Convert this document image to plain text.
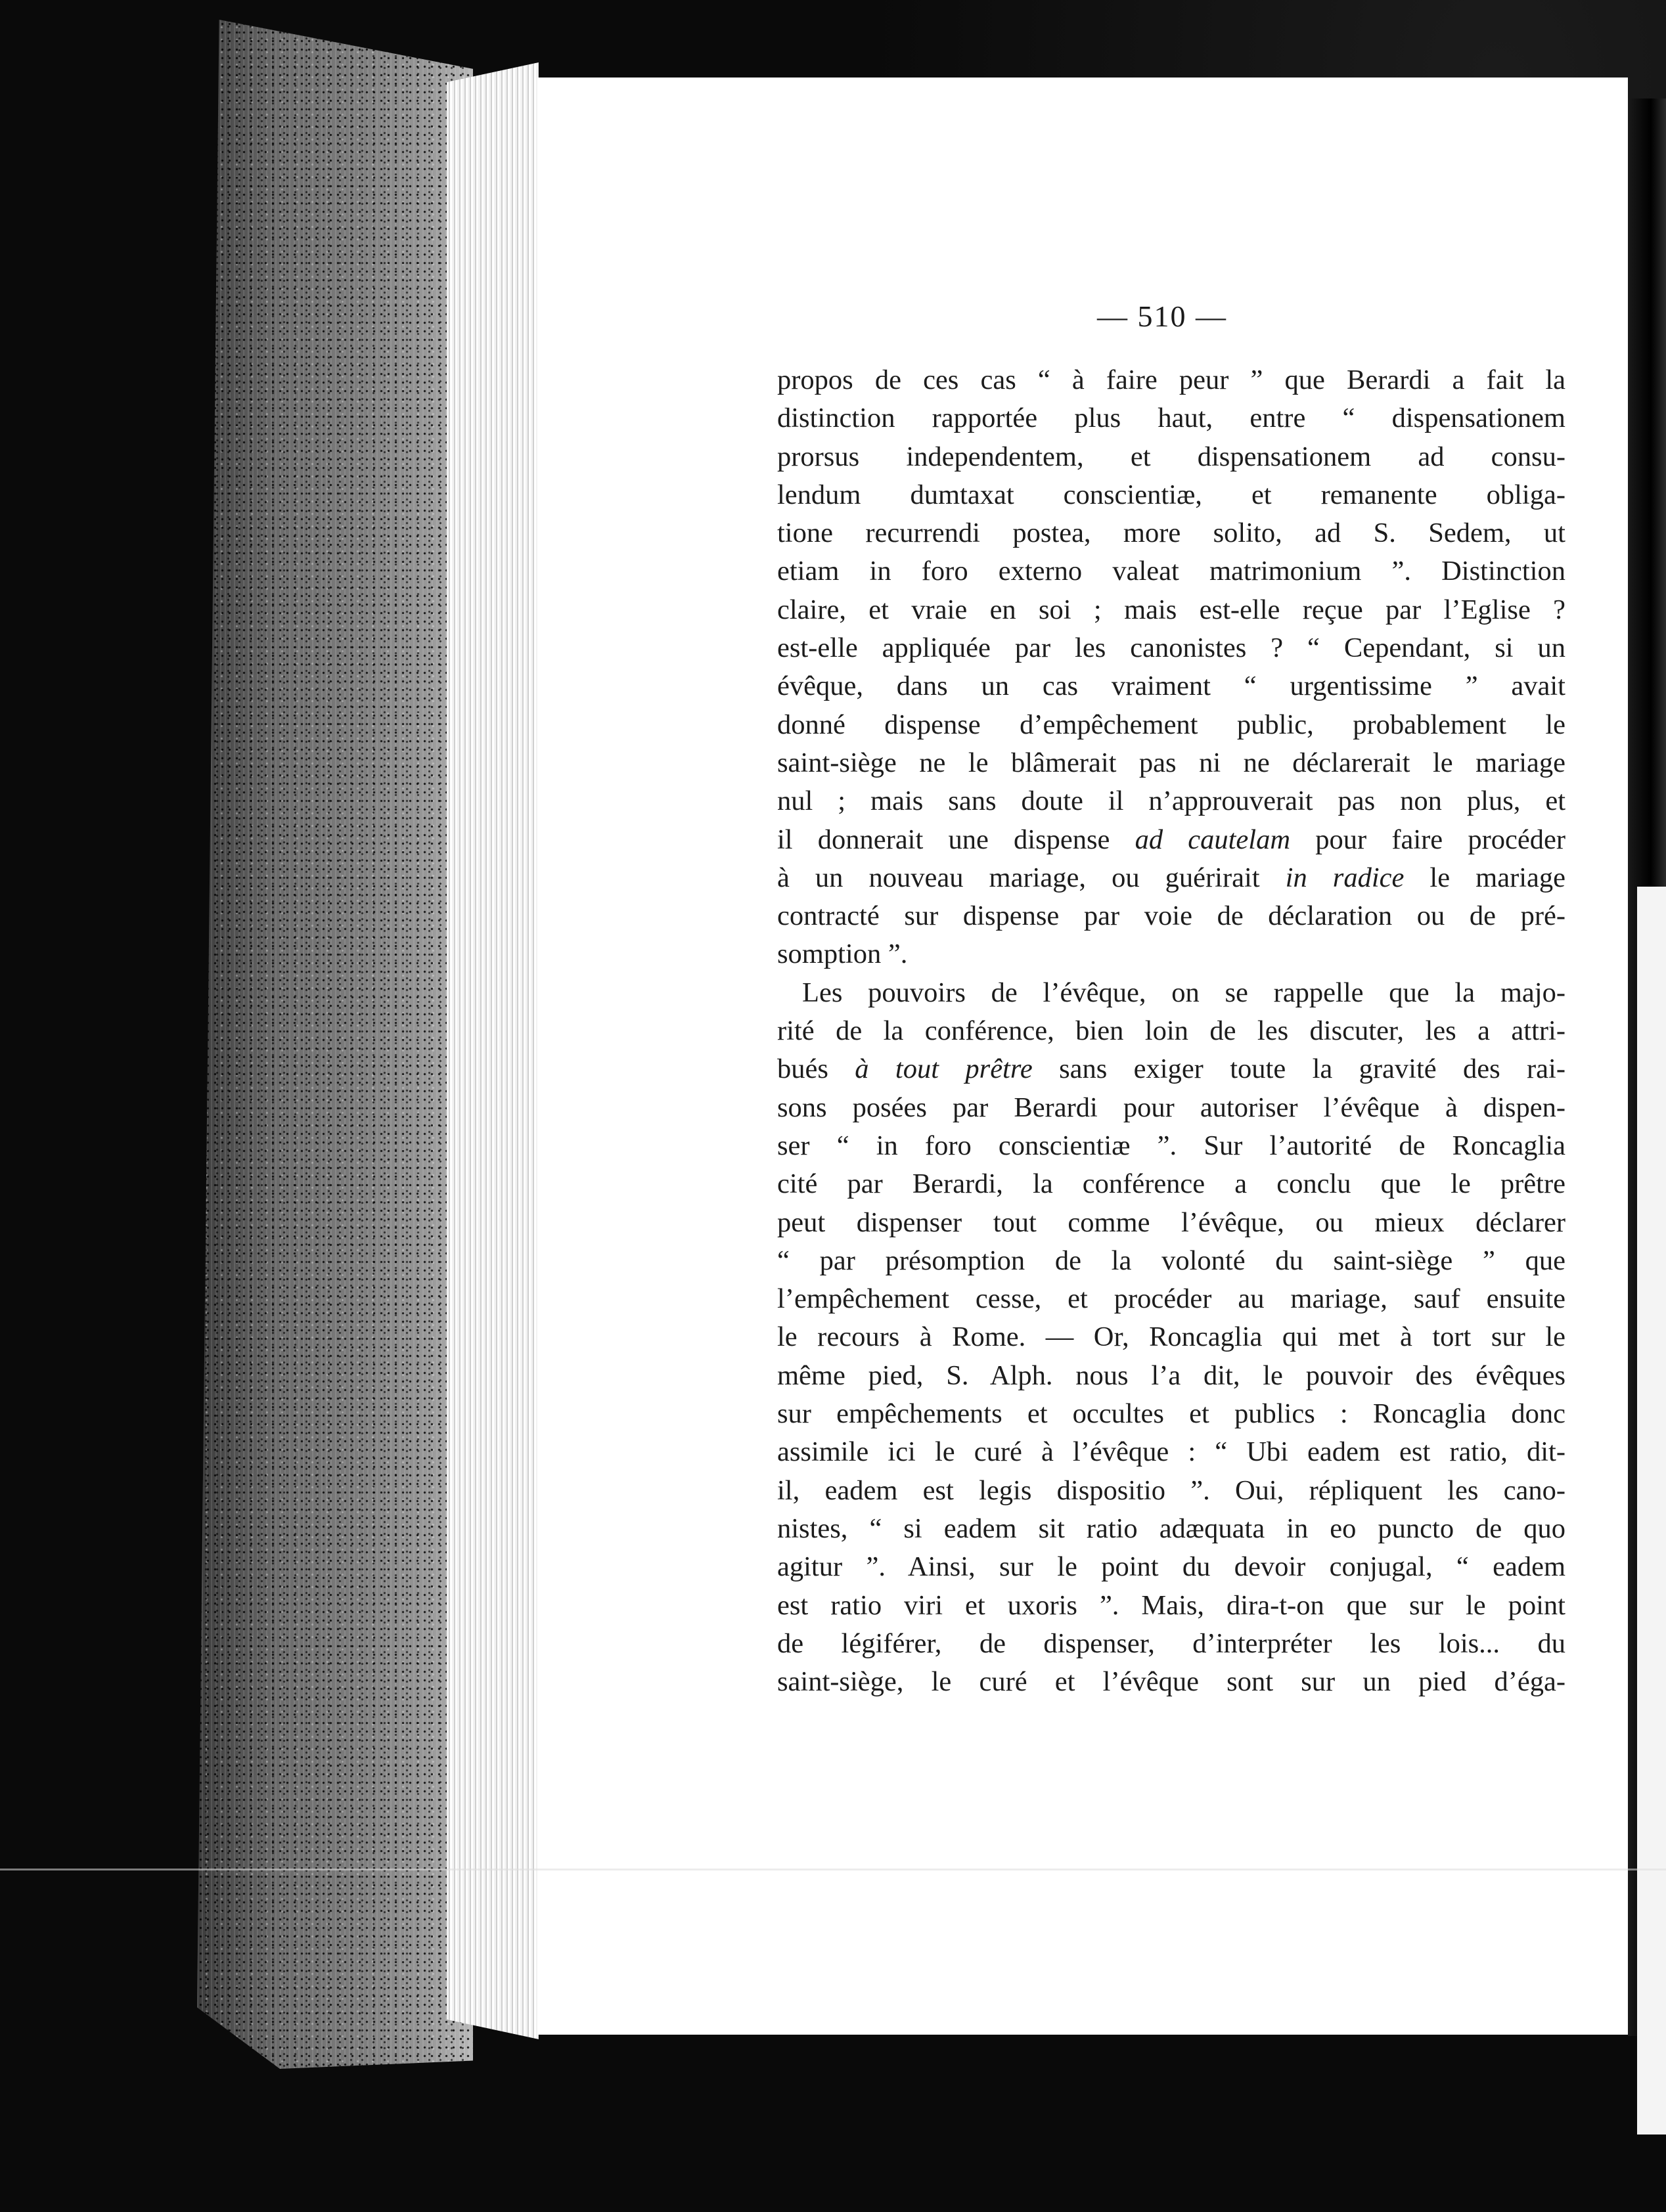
— 510 —
propos de ces cas “ à faire peur ” que Berardi a fait la
distinction rapportée plus haut, entre “ dispensationem
prorsus independentem, et dispensationem ad consu-
lendum dumtaxat conscientiæ, et remanente obliga-
tione recurrendi postea, more solito, ad S. Sedem, ut
etiam in foro externo valeat matrimonium ”. Distinction
claire, et vraie en soi ; mais est-elle reçue par l’Eglise ?
est-elle appliquée par les canonistes ? “ Cependant, si un
évêque, dans un cas vraiment “ urgentissime ” avait
donné dispense d’empêchement public, probablement le
saint-siège ne le blâmerait pas ni ne déclarerait le mariage
nul ; mais sans doute il n’approuverait pas non plus, et
il donnerait une dispense ad cautelam pour faire procéder
à un nouveau mariage, ou guérirait in radice le mariage
contracté sur dispense par voie de déclaration ou de pré-
somption ”.
Les pouvoirs de l’évêque, on se rappelle que la majo-
rité de la conférence, bien loin de les discuter, les a attri-
bués à tout prêtre sans exiger toute la gravité des rai-
sons posées par Berardi pour autoriser l’évêque à dispen-
ser “ in foro conscientiæ ”. Sur l’autorité de Roncaglia
cité par Berardi, la conférence a conclu que le prêtre
peut dispenser tout comme l’évêque, ou mieux déclarer
“ par présomption de la volonté du saint-siège ” que
l’empêchement cesse, et procéder au mariage, sauf ensuite
le recours à Rome. — Or, Roncaglia qui met à tort sur le
même pied, S. Alph. nous l’a dit, le pouvoir des évêques
sur empêchements et occultes et publics : Roncaglia donc
assimile ici le curé à l’évêque : “ Ubi eadem est ratio, dit-
il, eadem est legis dispositio ”. Oui, répliquent les cano-
nistes, “ si eadem sit ratio adæquata in eo puncto de quo
agitur ”. Ainsi, sur le point du devoir conjugal, “ eadem
est ratio viri et uxoris ”. Mais, dira-t-on que sur le point
de légiférer, de dispenser, d’interpréter les lois... du
saint-siège, le curé et l’évêque sont sur un pied d’éga-
